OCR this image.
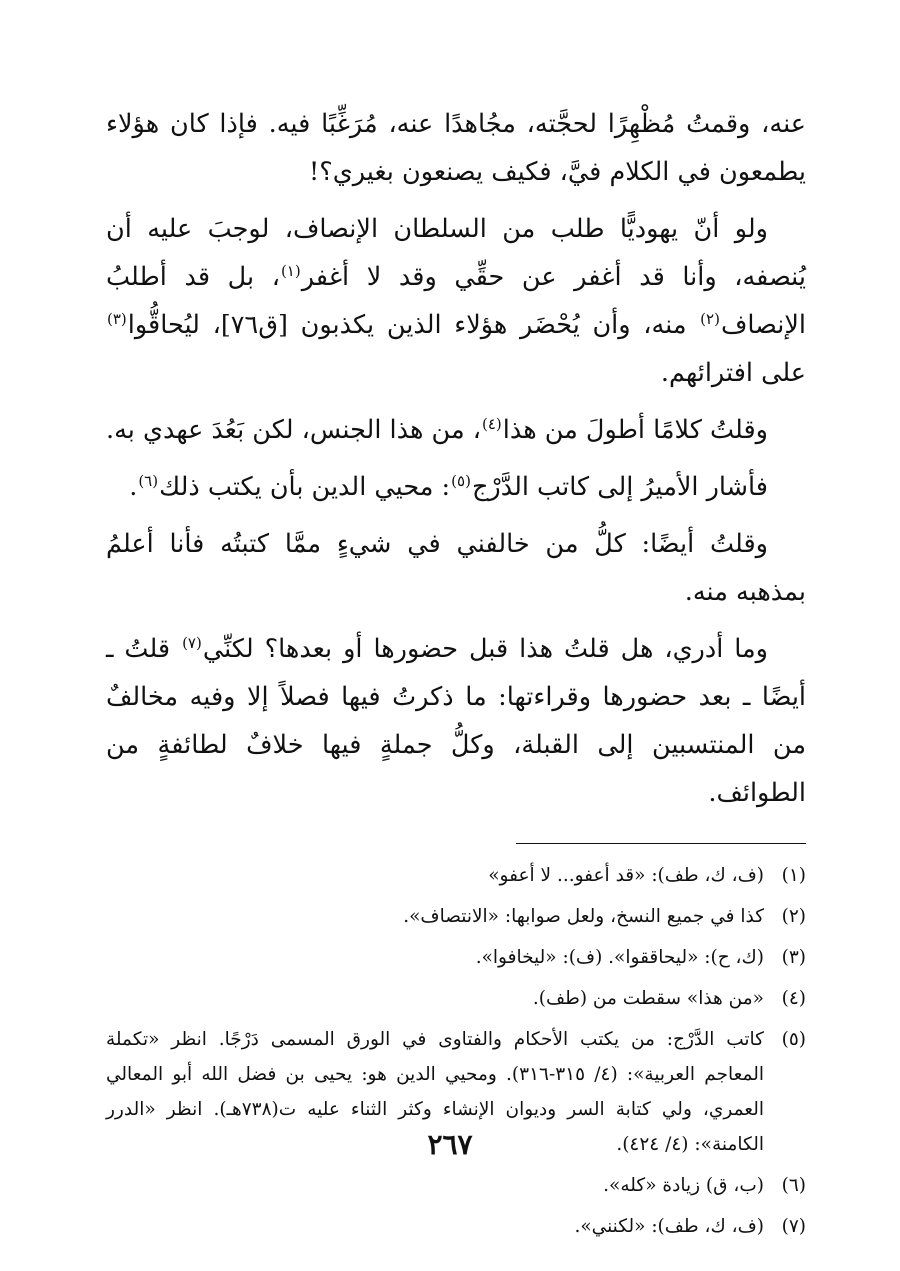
عنه، وقمتُ مُظْهِرًا لحجَّته، مجُاهدًا عنه، مُرَغِّبًا فيه. فإذا كان هؤلاء يطمعون في الكلام فيَّ، فكيف يصنعون بغيري؟!

ولو أنّ يهوديًّا طلب من السلطان الإنصاف، لوجبَ عليه أن يُنصفه، وأنا قد أغفر عن حقِّي وقد لا أغفر$^{(١)}$، بل قد أطلبُ الإنصاف$^{(٢)}$ منه، وأن يُحْضَر هؤلاء الذين يكذبون [ق٧٦]، ليُحاقُّوا$^{(٣)}$ على افترائهم.

وقلتُ كلامًا أطولَ من هذا$^{(٤)}$، من هذا الجنس، لكن بَعُدَ عهدي به.

فأشار الأميرُ إلى كاتب الدَّرْج$^{(٥)}$: محيي الدين بأن يكتب ذلك$^{(٦)}$.

وقلتُ أيضًا: كلُّ من خالفني في شيءٍ ممَّا كتبتُه فأنا أعلمُ بمذهبه منه.

وما أدري، هل قلتُ هذا قبل حضورها أو بعدها؟ لكنِّي$^{(٧)}$ قلتُ ـ أيضًا ـ بعد حضورها وقراءتها: ما ذكرتُ فيها فصلاً إلا وفيه مخالفٌ من المنتسبين إلى القبلة، وكلُّ جملةٍ فيها خلافٌ لطائفةٍ من الطوائف.

(١)
(ف، ك، طف): «قد أعفو... لا أعفو»
(٢)
كذا في جميع النسخ، ولعل صوابها: «الانتصاف».
(٣)
(ك، ح): «ليحاققوا». (ف): «ليخافوا».
(٤)
«من هذا» سقطت من (طف).
(٥)
كاتب الدَّرْج: من يكتب الأحكام والفتاوى في الورق المسمى دَرْجًا. انظر «تكملة المعاجم العربية»: (٤/ ٣١٥-٣١٦). ومحيي الدين هو: يحيى بن فضل الله أبو المعالي العمري، ولي كتابة السر وديوان الإنشاء وكثر الثناء عليه ت(٧٣٨هـ). انظر «الدرر الكامنة»: (٤/ ٤٢٤).
(٦)
(ب، ق) زيادة «كله».
(٧)
(ف، ك، طف): «لكنني».
٢٦٧
